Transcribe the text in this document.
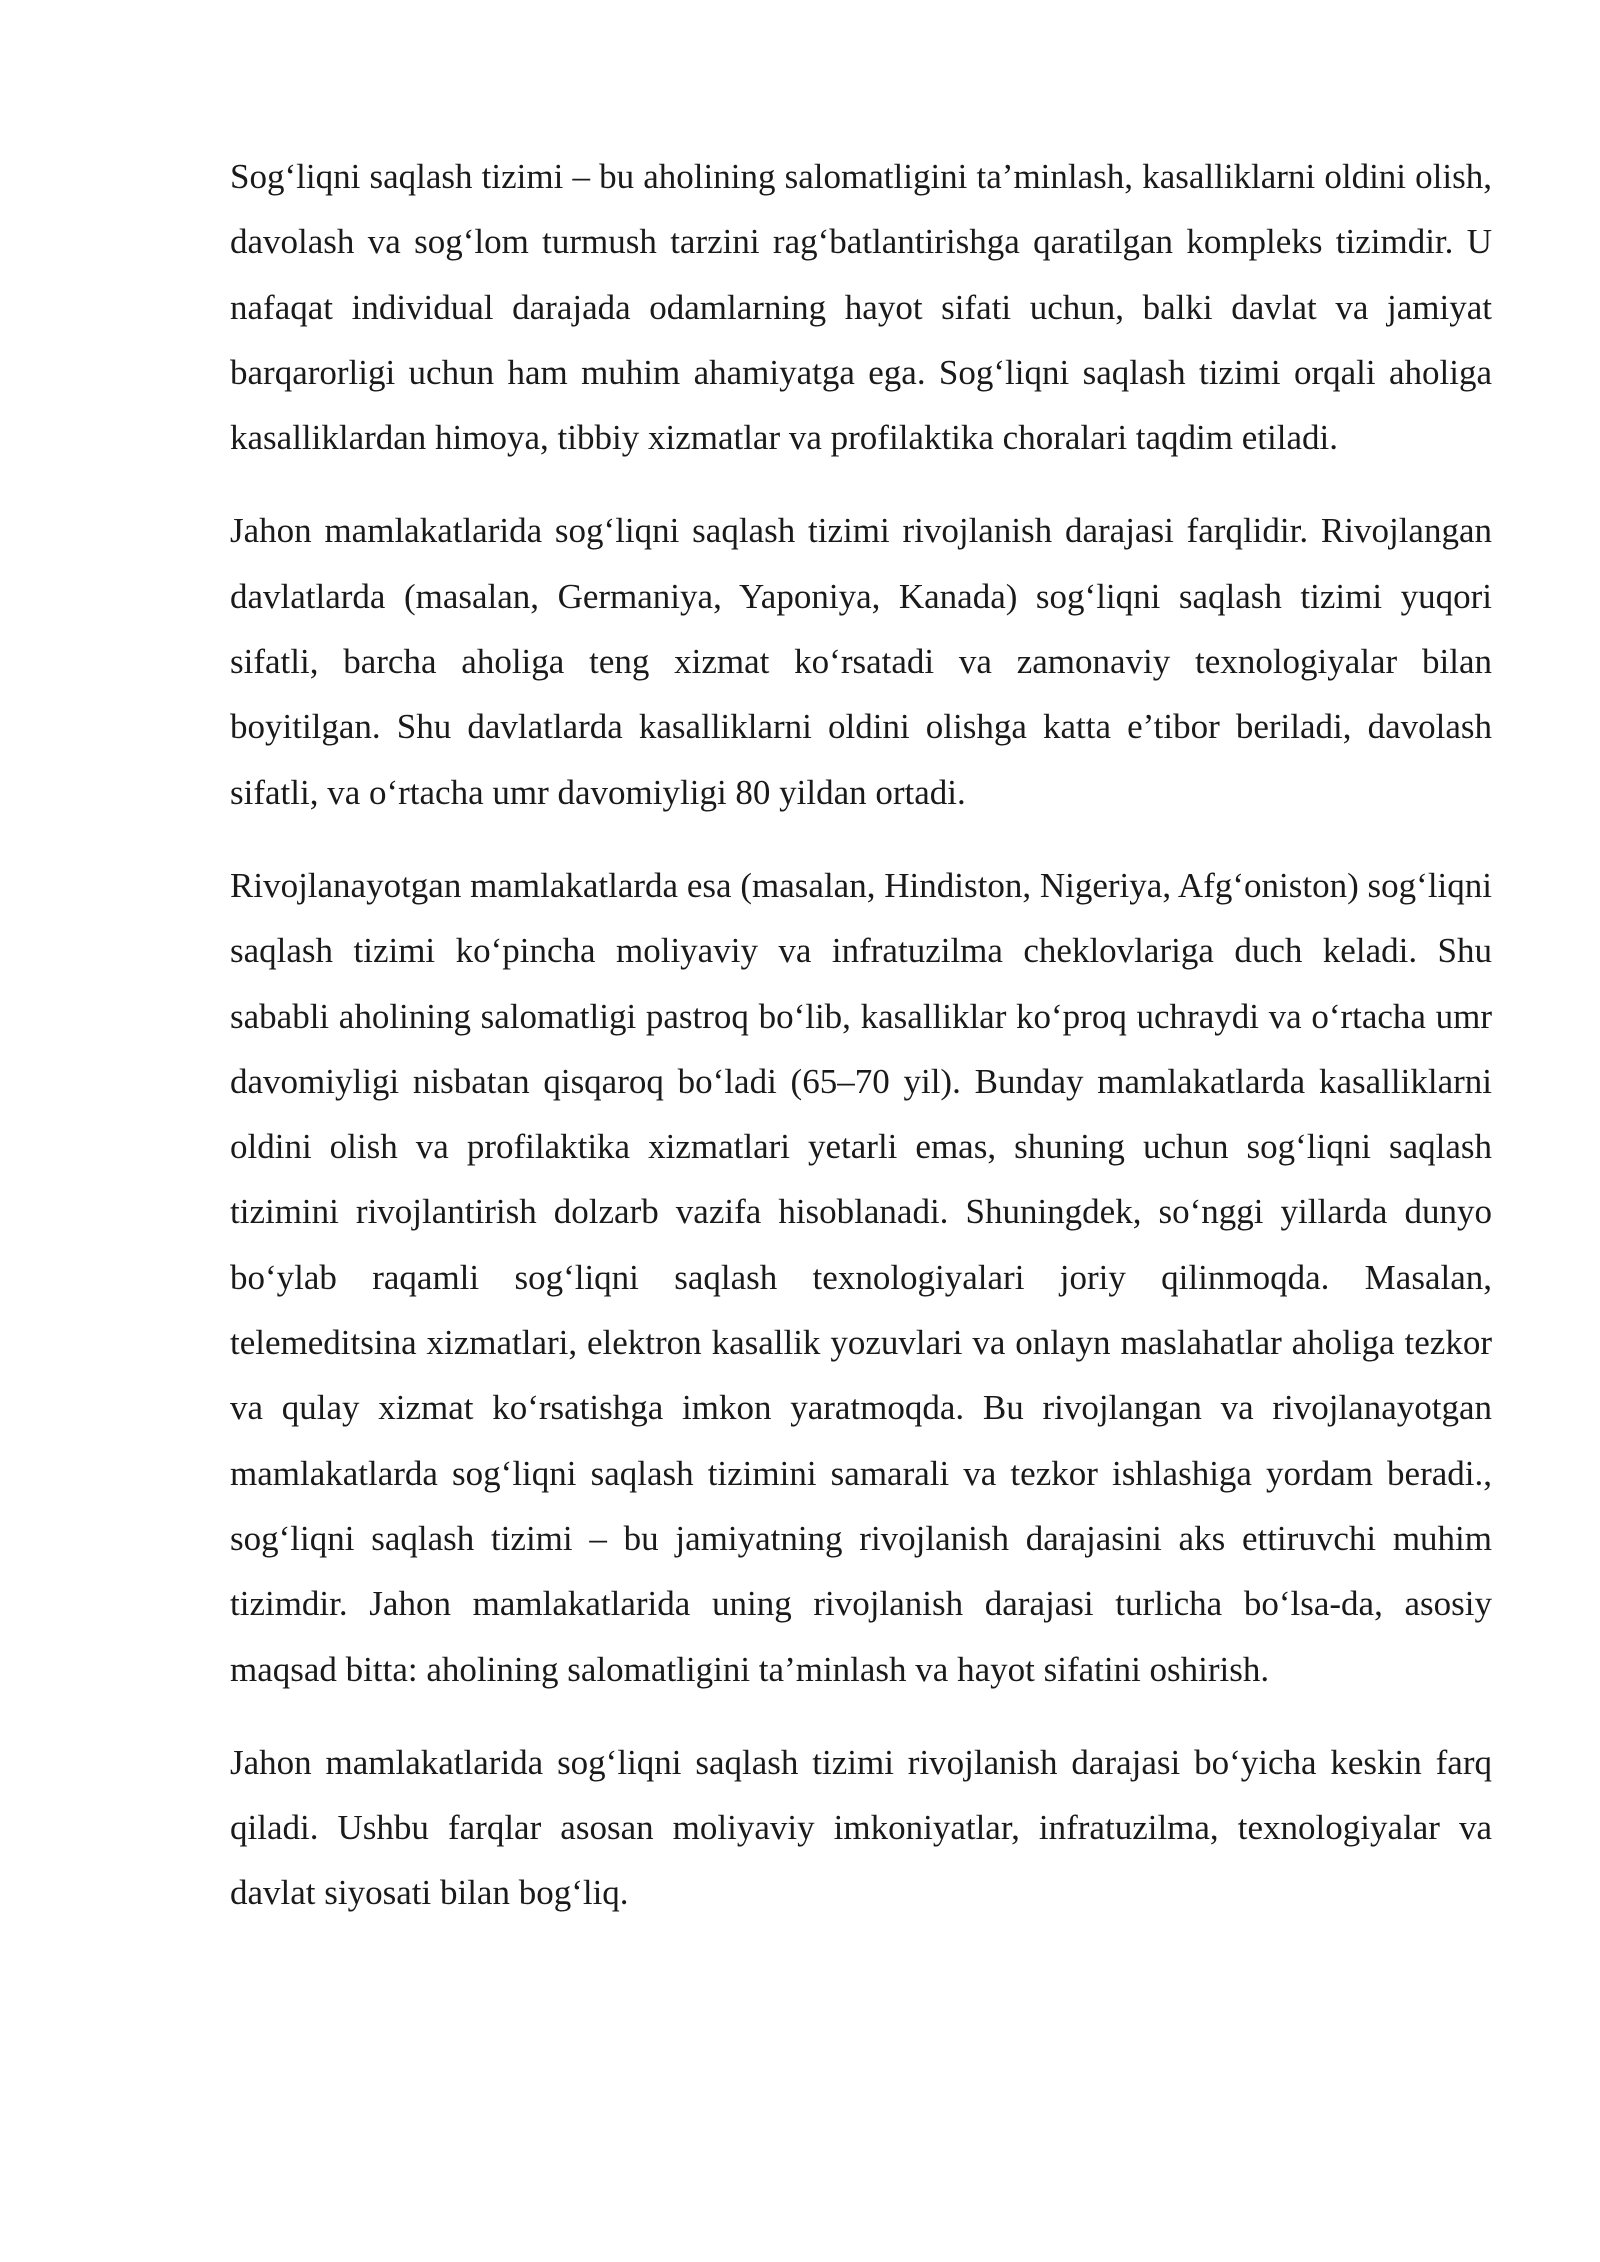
Sog‘liqni saqlash tizimi – bu aholining salomatligini ta’minlash, kasalliklarni oldini olish, davolash va sog‘lom turmush tarzini rag‘batlantirishga qaratilgan kompleks tizimdir. U nafaqat individual darajada odamlarning hayot sifati uchun, balki davlat va jamiyat barqarorligi uchun ham muhim ahamiyatga ega. Sog‘liqni saqlash tizimi orqali aholiga kasalliklardan himoya, tibbiy xizmatlar va profilaktika choralari taqdim etiladi.

Jahon mamlakatlarida sog‘liqni saqlash tizimi rivojlanish darajasi farqlidir. Rivojlangan davlatlarda (masalan, Germaniya, Yaponiya, Kanada) sog‘liqni saqlash tizimi yuqori sifatli, barcha aholiga teng xizmat ko‘rsatadi va zamonaviy texnologiyalar bilan boyitilgan. Shu davlatlarda kasalliklarni oldini olishga katta e’tibor beriladi, davolash sifatli, va o‘rtacha umr davomiyligi 80 yildan ortadi.

Rivojlanayotgan mamlakatlarda esa (masalan, Hindiston, Nigeriya, Afg‘oniston) sog‘liqni saqlash tizimi ko‘pincha moliyaviy va infratuzilma cheklovlariga duch keladi. Shu sababli aholining salomatligi pastroq bo‘lib, kasalliklar ko‘proq uchraydi va o‘rtacha umr davomiyligi nisbatan qisqaroq bo‘ladi (65–70 yil). Bunday mamlakatlarda kasalliklarni oldini olish va profilaktika xizmatlari yetarli emas, shuning uchun sog‘liqni saqlash tizimini rivojlantirish dolzarb vazifa hisoblanadi. Shuningdek, so‘nggi yillarda dunyo bo‘ylab raqamli sog‘liqni saqlash texnologiyalari joriy qilinmoqda. Masalan, telemeditsina xizmatlari, elektron kasallik yozuvlari va onlayn maslahatlar aholiga tezkor va qulay xizmat ko‘rsatishga imkon yaratmoqda. Bu rivojlangan va rivojlanayotgan mamlakatlarda sog‘liqni saqlash tizimini samarali va tezkor ishlashiga yordam beradi., sog‘liqni saqlash tizimi – bu jamiyatning rivojlanish darajasini aks ettiruvchi muhim tizimdir. Jahon mamlakatlarida uning rivojlanish darajasi turlicha bo‘lsa-da, asosiy maqsad bitta: aholining salomatligini ta’minlash va hayot sifatini oshirish.

Jahon mamlakatlarida sog‘liqni saqlash tizimi rivojlanish darajasi bo‘yicha keskin farq qiladi. Ushbu farqlar asosan moliyaviy imkoniyatlar, infratuzilma, texnologiyalar va davlat siyosati bilan bog‘liq.
